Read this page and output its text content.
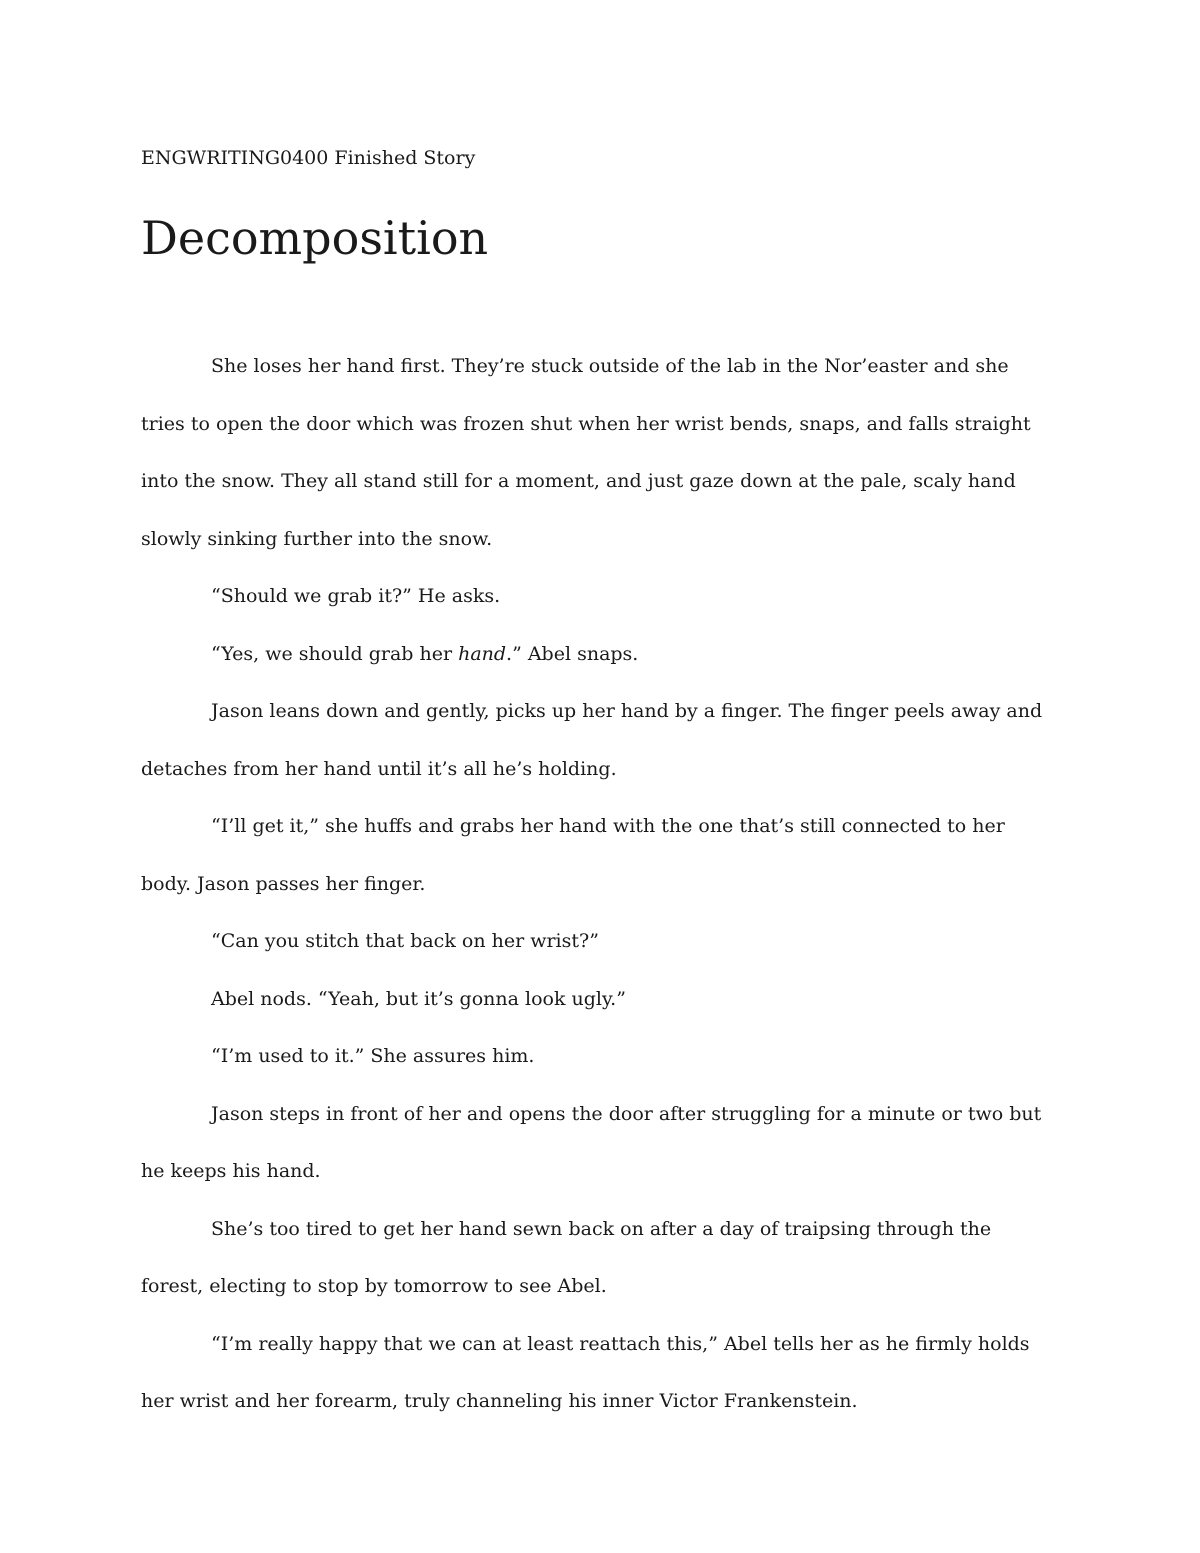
ENGWRITING0400 Finished Story
Decomposition

She loses her hand first. They’re stuck outside of the lab in the Nor’easter and she tries to open the door which was frozen shut when her wrist bends, snaps, and falls straight into the snow. They all stand still for a moment, and just gaze down at the pale, scaly hand slowly sinking further into the snow.

“Should we grab it?” He asks.

“Yes, we should grab her hand.” Abel snaps.

Jason leans down and gently, picks up her hand by a finger. The finger peels away and detaches from her hand until it’s all he’s holding.

“I’ll get it,” she huffs and grabs her hand with the one that’s still connected to her body. Jason passes her finger.

“Can you stitch that back on her wrist?”

Abel nods. “Yeah, but it’s gonna look ugly.”

“I’m used to it.” She assures him.

Jason steps in front of her and opens the door after struggling for a minute or two but he keeps his hand.

She’s too tired to get her hand sewn back on after a day of traipsing through the forest, electing to stop by tomorrow to see Abel.

“I’m really happy that we can at least reattach this,” Abel tells her as he firmly holds her wrist and her forearm, truly channeling his inner Victor Frankenstein.
